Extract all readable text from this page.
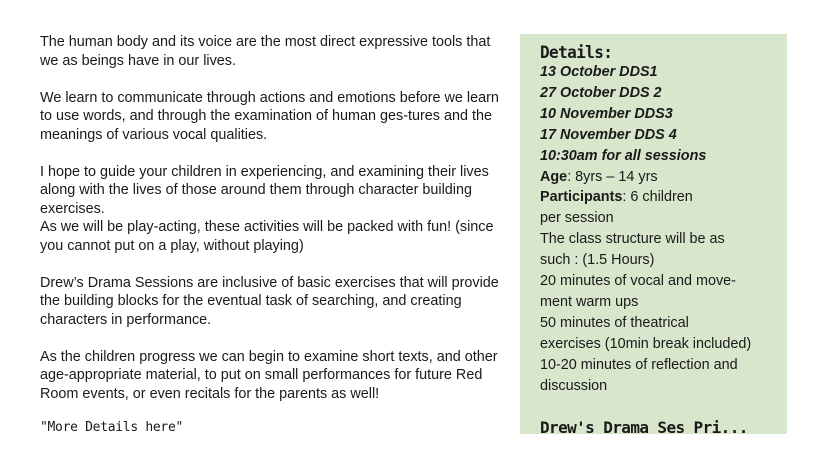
The human body and its voice are the most direct expressive tools that we as beings have in our lives.

We learn to communicate through actions and emotions before we learn to use words, and through the examination of human ges-tures and the meanings of various vocal qualities.

I hope to guide your children in experiencing, and examining their lives along with the lives of those around them through character building exercises.
As we will be play-acting, these activities will be packed with fun! (since you cannot put on a play, without playing)

Drew’s Drama Sessions are inclusive of basic exercises that will provide the building blocks for the eventual task of searching, and creating characters in performance.

As the children progress we can begin to examine short texts, and other age-appropriate material, to put on small performances for future Red Room events, or even recitals for the parents as well!

"More Details here"

Details:
13 October DDS1
27 October DDS 2
10 November DDS3
17 November DDS 4
10:30am for all sessions
Age: 8yrs – 14 yrs
Participants: 6 children
per session
The class structure will be as
such : (1.5 Hours)
20 minutes of vocal and move-
ment warm ups
50 minutes of theatrical
exercises (10min break included)
10-20 minutes of reflection and
discussion
Drew's Drama Ses Pri...
